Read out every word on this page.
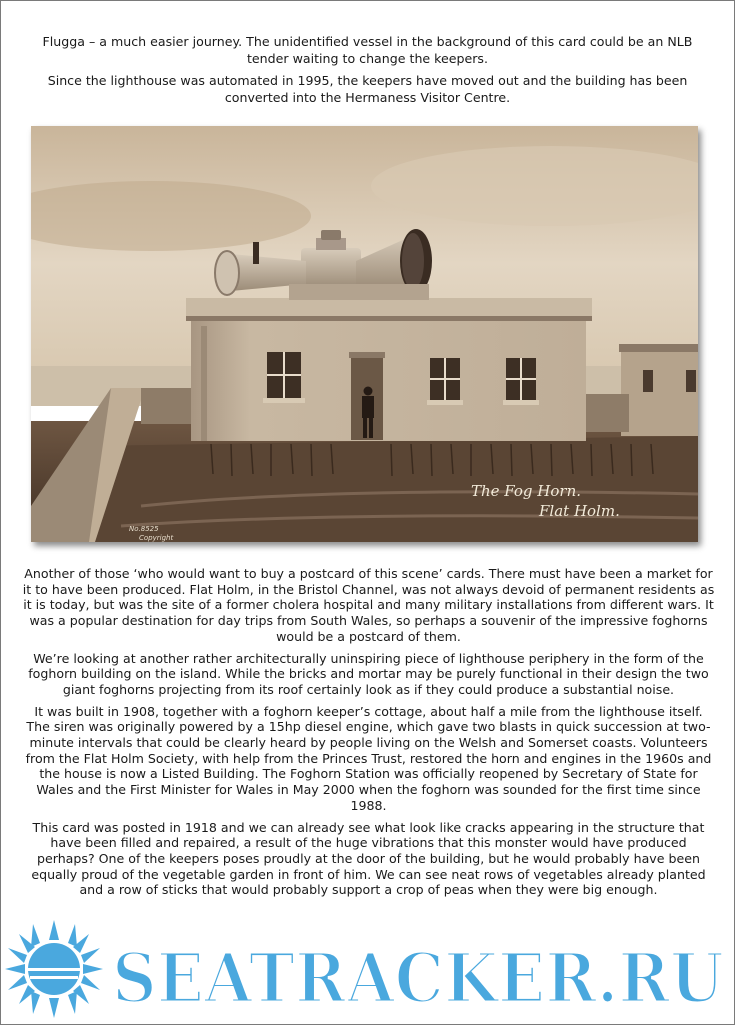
Flugga – a much easier journey. The unidentified vessel in the background of this card could be an NLB tender waiting to change the keepers.

Since the lighthouse was automated in 1995, the keepers have moved out and the building has been converted into the Hermaness Visitor Centre.

The Fog Horn.
Flat Holm.
No.8525
Copyright

Another of those ‘who would want to buy a postcard of this scene’ cards. There must have been a market for it to have been produced. Flat Holm, in the Bristol Channel, was not always devoid of permanent residents as it is today, but was the site of a former cholera hospital and many military installations from different wars. It was a popular destination for day trips from South Wales, so perhaps a souvenir of the impressive foghorns would be a postcard of them.

We’re looking at another rather architecturally uninspiring piece of lighthouse periphery in the form of the foghorn building on the island. While the bricks and mortar may be purely functional in their design the two giant foghorns projecting from its roof certainly look as if they could produce a substantial noise.

It was built in 1908, together with a foghorn keeper’s cottage, about half a mile from the lighthouse itself. The siren was originally powered by a 15hp diesel engine, which gave two blasts in quick succession at two-minute intervals that could be clearly heard by people living on the Welsh and Somerset coasts. Volunteers from the Flat Holm Society, with help from the Princes Trust, restored the horn and engines in the 1960s and the house is now a Listed Building. The Foghorn Station was officially reopened by Secretary of State for Wales and the First Minister for Wales in May 2000 when the foghorn was sounded for the first time since 1988.

This card was posted in 1918 and we can already see what look like cracks appearing in the structure that have been filled and repaired, a result of the huge vibrations that this monster would have produced perhaps? One of the keepers poses proudly at the door of the building, but he would probably have been equally proud of the vegetable garden in front of him. We can see neat rows of vegetables already planted and a row of sticks that would probably support a crop of peas when they were big enough.

SEATRACKER.RU
